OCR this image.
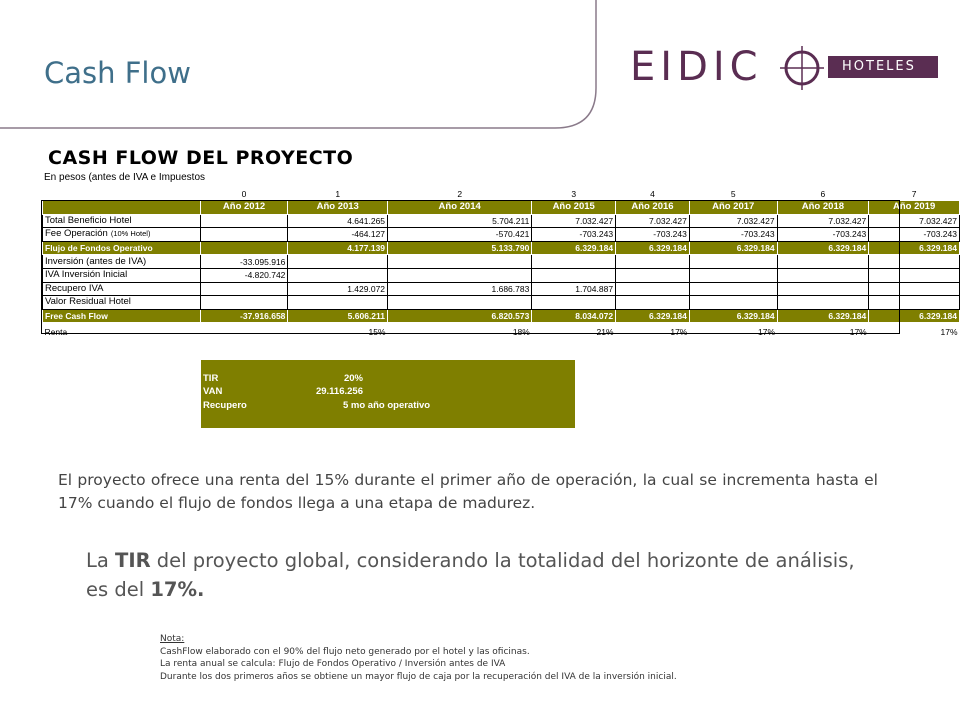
Cash Flow	EIDIC	HOTELES
CASH FLOW DEL PROYECTO
En pesos (antes de IVA e Impuestos
	0	1	2	3	4	5	6	7
	Año 2012	Año 2013	Año 2014	Año 2015	Año 2016	Año 2017	Año 2018	Año 2019
Total Beneficio Hotel		4.641.265	5.704.211	7.032.427	7.032.427	7.032.427	7.032.427	7.032.427
Fee Operación (10% Hotel)		-464.127	-570.421	-703.243	-703.243	-703.243	-703.243	-703.243
Flujo de Fondos Operativo		4.177.139	5.133.790	6.329.184	6.329.184	6.329.184	6.329.184	6.329.184
Inversión (antes de IVA)	-33.095.916							
IVA Inversión Inicial	-4.820.742							
Recupero IVA		1.429.072	1.686.783	1.704.887				
Valor Residual Hotel								
Free Cash Flow	-37.916.658	5.606.211	6.820.573	8.034.072	6.329.184	6.329.184	6.329.184	6.329.184
Renta		15%	18%	21%	17%	17%	17%	17%
TIR	20%
VAN	29.116.256
Recupero	5 mo año operativo
El proyecto ofrece una renta del 15% durante el primer año de operación, la cual se incrementa hasta el 17% cuando el flujo de fondos llega a una etapa de madurez.
La TIR del proyecto global, considerando la totalidad del horizonte de análisis, es del 17%.
Nota:
CashFlow elaborado con el 90% del flujo neto generado por el hotel y las oficinas.
La renta anual se calcula: Flujo de Fondos Operativo / Inversión antes de IVA
Durante los dos primeros años se obtiene un mayor flujo de caja por la recuperación del IVA de la inversión inicial.
